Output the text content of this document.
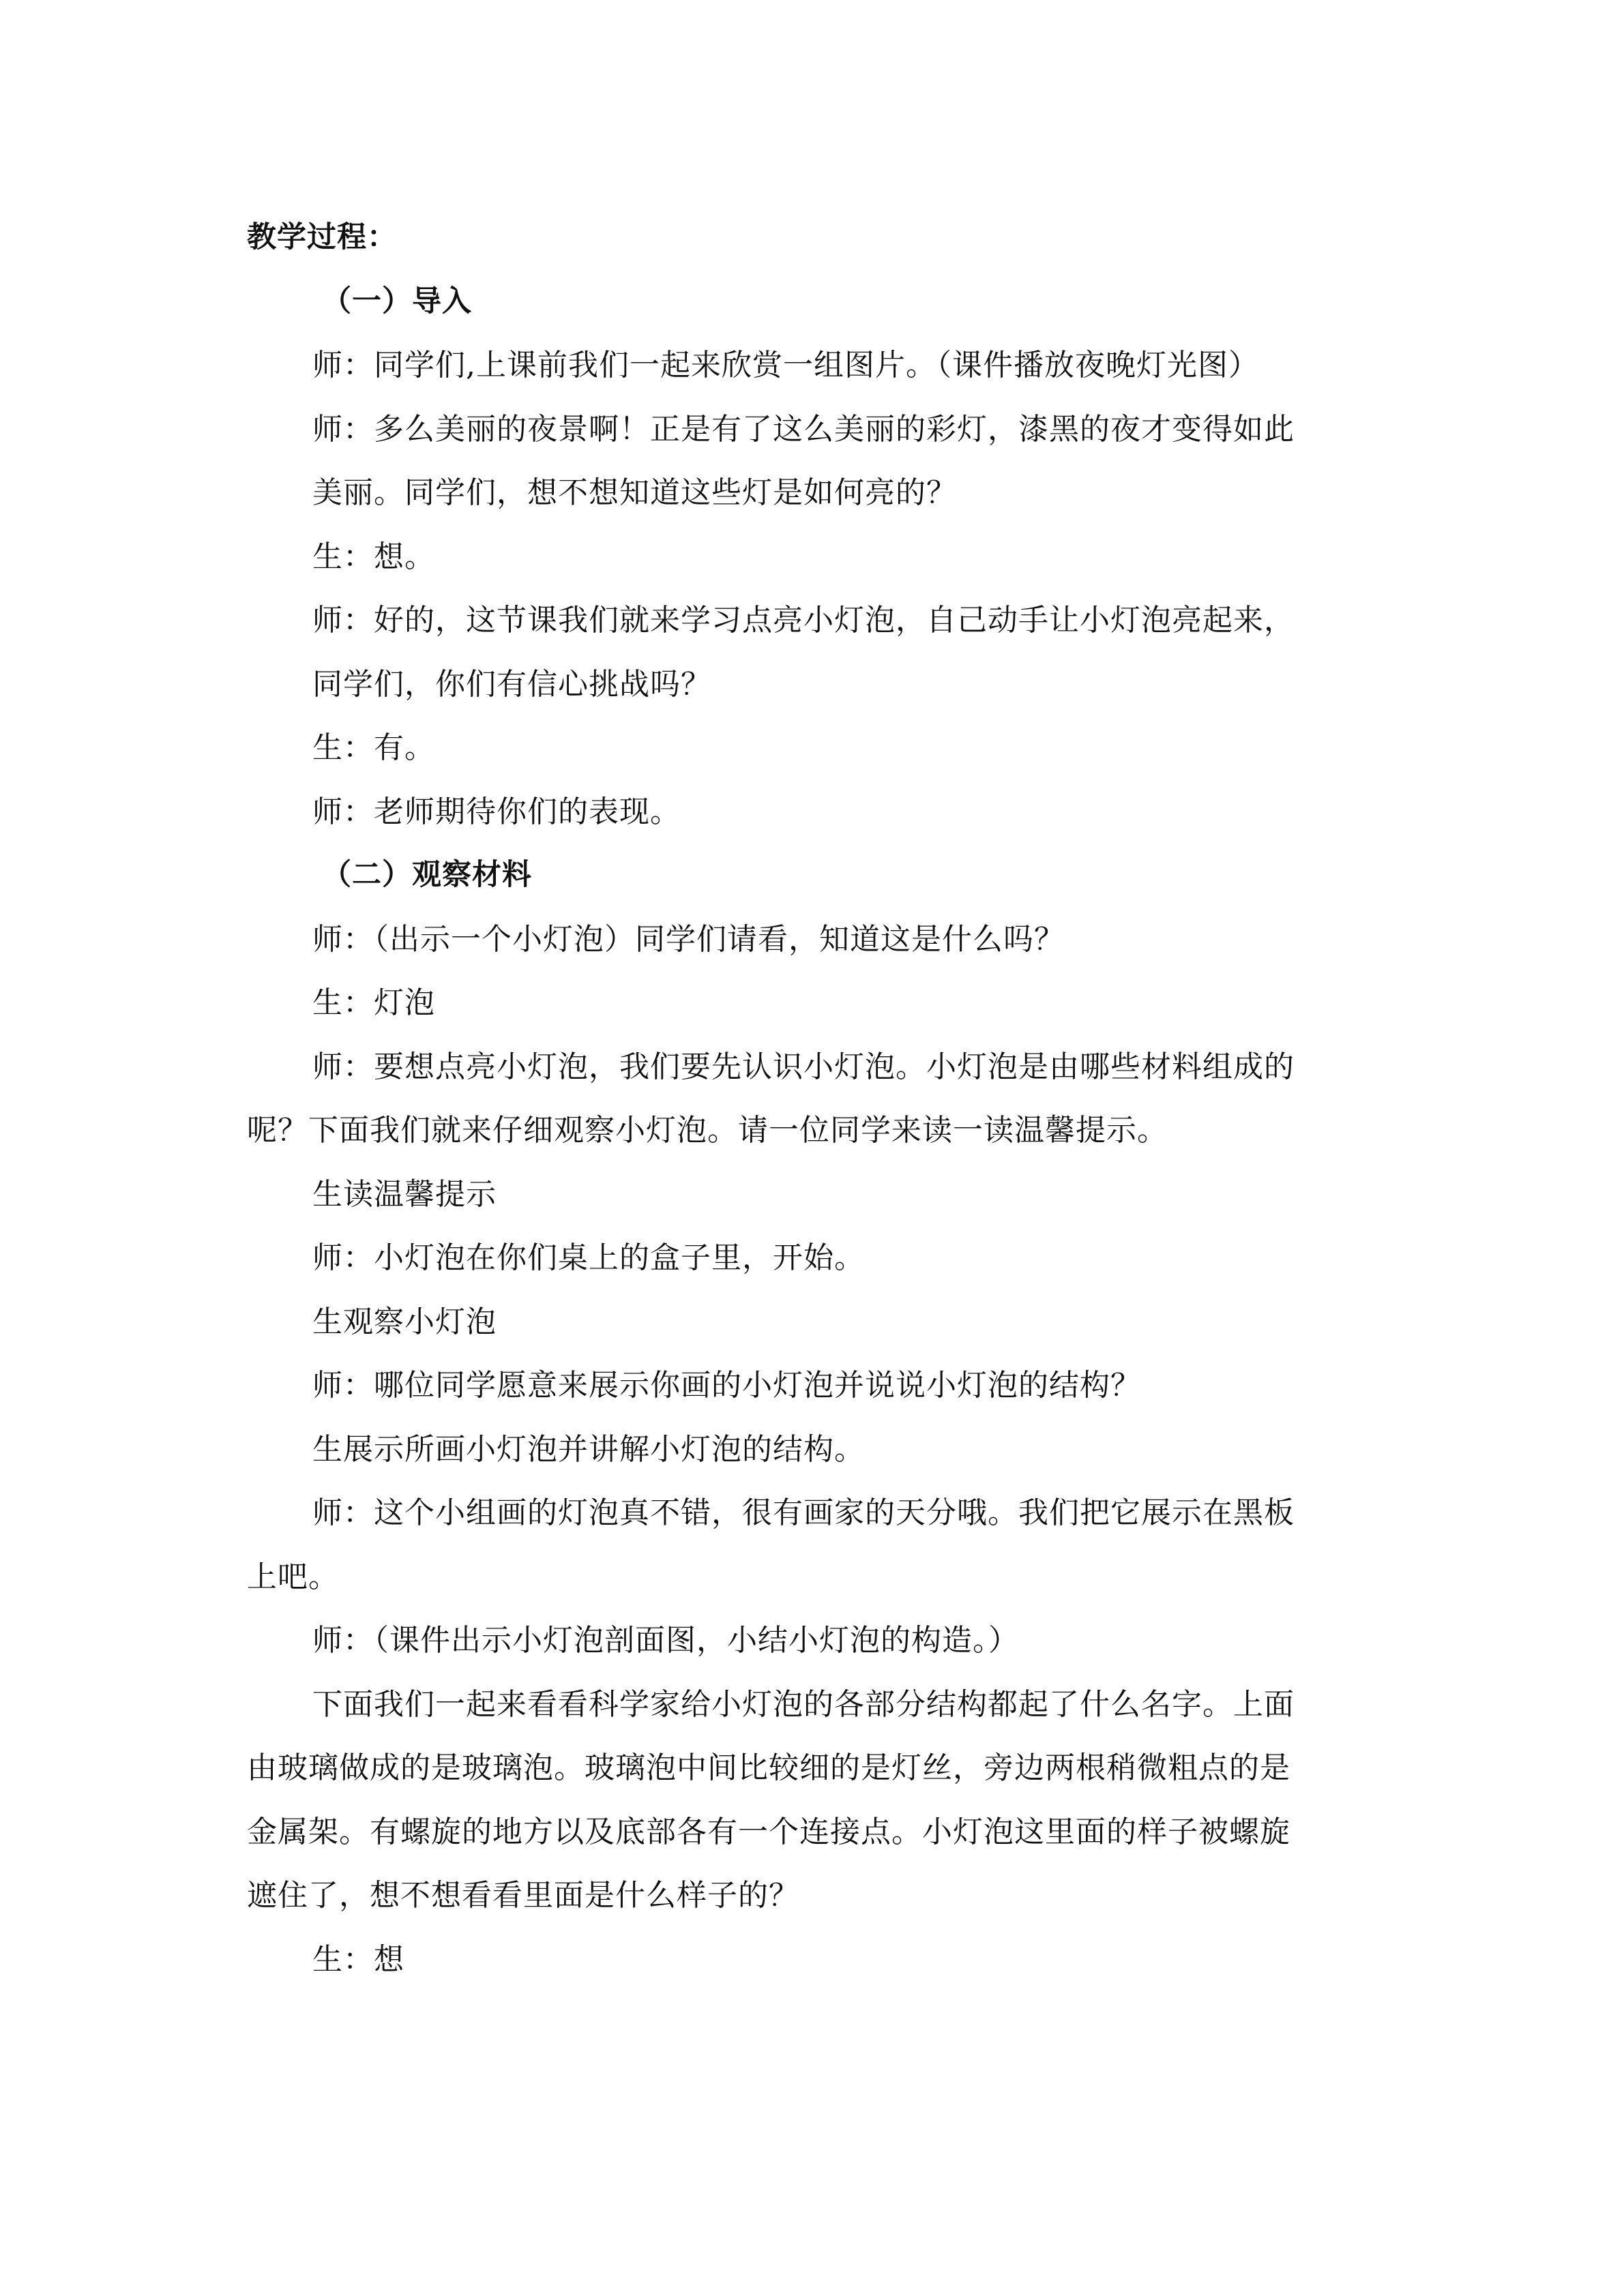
教学过程：
（一）导入
师：同学们,上课前我们一起来欣赏一组图片。（课件播放夜晚灯光图）
师：多么美丽的夜景啊！正是有了这么美丽的彩灯，漆黑的夜才变得如此
美丽。同学们，想不想知道这些灯是如何亮的？
生：想。
师：好的，这节课我们就来学习点亮小灯泡，自己动手让小灯泡亮起来，
同学们，你们有信心挑战吗？
生：有。
师：老师期待你们的表现。
（二）观察材料
师：（出示一个小灯泡）同学们请看，知道这是什么吗？
生：灯泡
师：要想点亮小灯泡，我们要先认识小灯泡。小灯泡是由哪些材料组成的
呢？下面我们就来仔细观察小灯泡。请一位同学来读一读温馨提示。
生读温馨提示
师：小灯泡在你们桌上的盒子里，开始。
生观察小灯泡
师：哪位同学愿意来展示你画的小灯泡并说说小灯泡的结构？
生展示所画小灯泡并讲解小灯泡的结构。
师：这个小组画的灯泡真不错，很有画家的天分哦。我们把它展示在黑板
上吧。
师：（课件出示小灯泡剖面图，小结小灯泡的构造。）
下面我们一起来看看科学家给小灯泡的各部分结构都起了什么名字。上面
由玻璃做成的是玻璃泡。玻璃泡中间比较细的是灯丝，旁边两根稍微粗点的是
金属架。有螺旋的地方以及底部各有一个连接点。小灯泡这里面的样子被螺旋
遮住了，想不想看看里面是什么样子的？
生：想
